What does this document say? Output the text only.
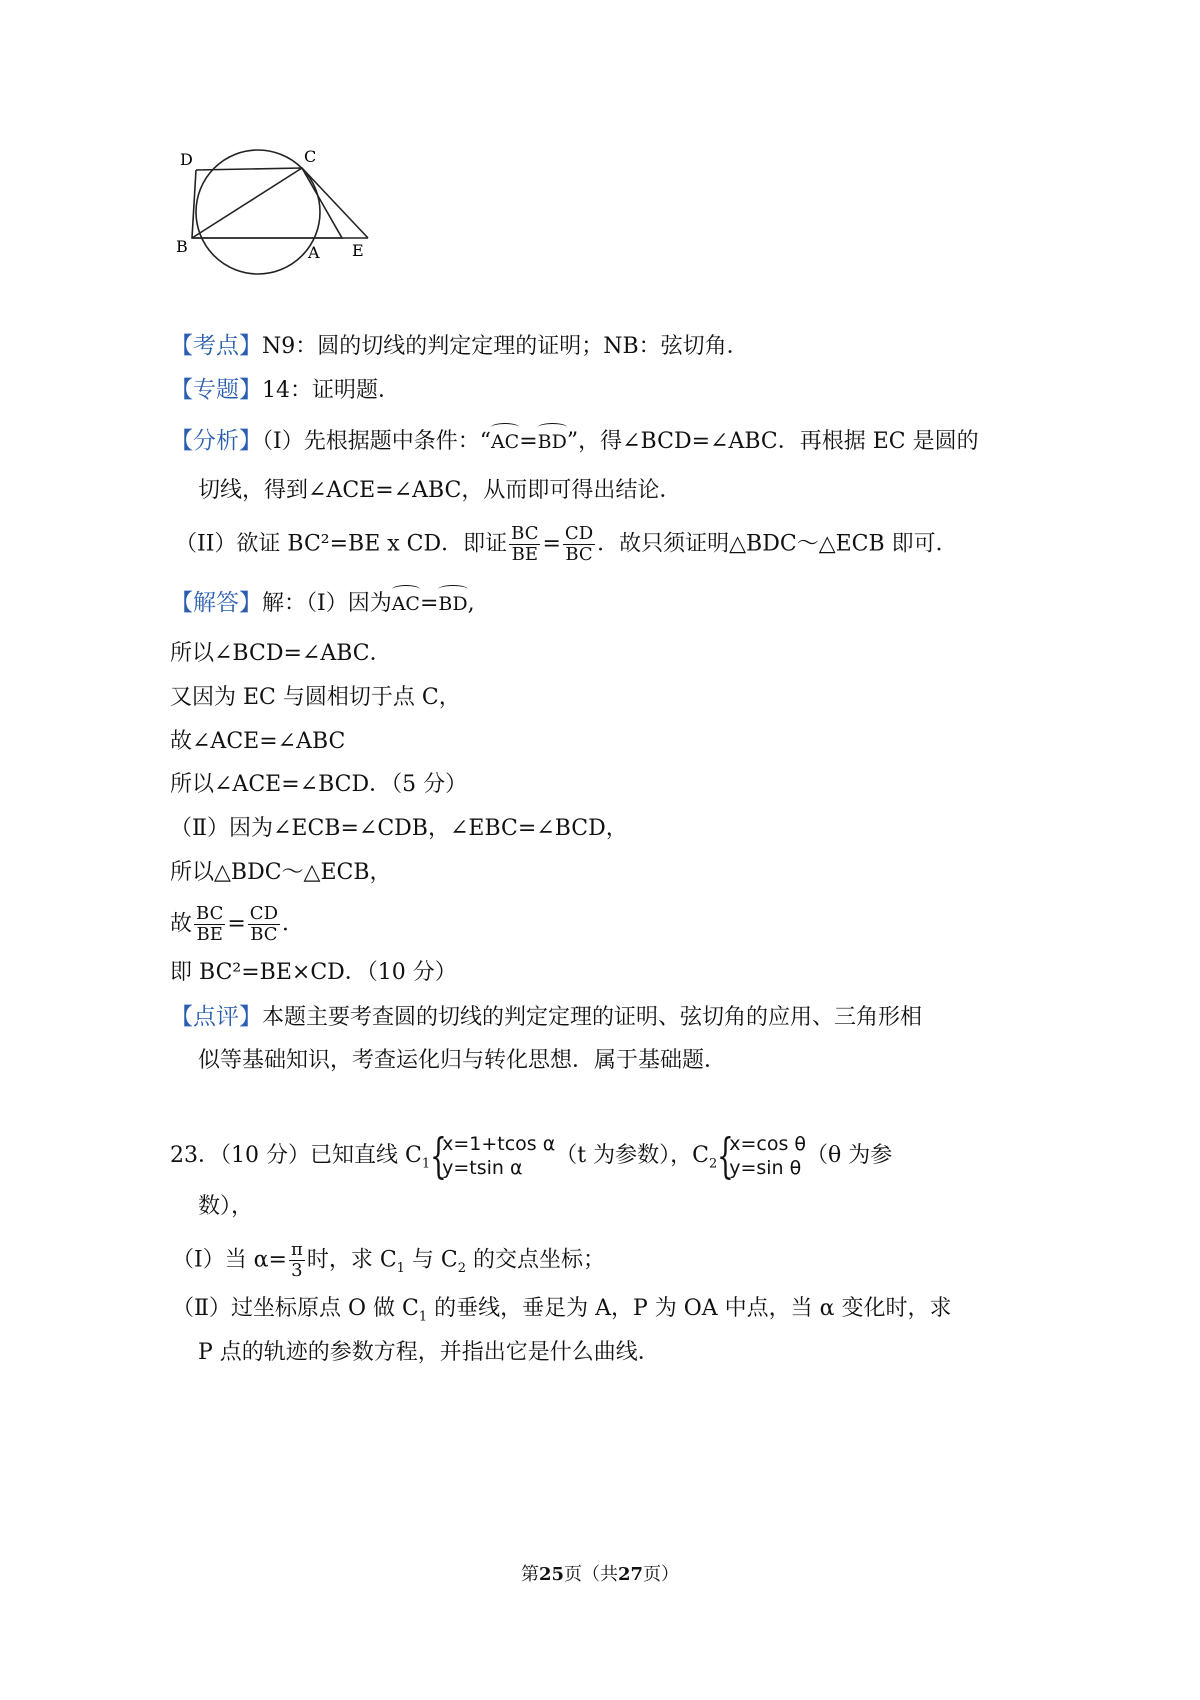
D	C
B	A E
【考点】N9：圆的切线的判定定理的证明；NB：弦切角．
【专题】14：证明题．
【分析】（I）先根据题中条件：“AC=BD”，得∠BCD=∠ABC．再根据 EC 是圆的
切线，得到∠ACE=∠ABC，从而即可得出结论．
（II）欲证 BC²=BE x CD．即证 $\frac{BC}{BE} = \frac{CD}{BC}$ ．故只须证明△BDC～△ECB 即可．
【解答】解：（Ⅰ）因为AC=BD,
所以∠BCD=∠ABC．
又因为 EC 与圆相切于点 C，
故∠ACE=∠ABC
所以∠ACE=∠BCD．（5 分）
（Ⅱ）因为∠ECB=∠CDB，∠EBC=∠BCD，
所以△BDC～△ECB，
故 $\frac{BC}{BE} = \frac{CD}{BC}$ ．
即 BC²=BE×CD．（10 分）
【点评】本题主要考查圆的切线的判定定理的证明、弦切角的应用、三角形相
似等基础知识，考查运化归与转化思想．属于基础题．
23．（10 分）已知直线 $C_1$ {
x=1+tcos α
y=tsin α	（t 为参数），$C_2$ {
x=cos θ
y=sin θ （θ 为参
数），
（Ⅰ）当 $\alpha= \frac{\pi}{3}$ 时，求 $C_1$ 与 $C_2$ 的交点坐标；
（Ⅱ）过坐标原点 O 做 $C_1$ 的垂线，垂足为 A，P 为 OA 中点，当 α 变化时，求
P 点的轨迹的参数方程，并指出它是什么曲线．
第25页（共27页）
